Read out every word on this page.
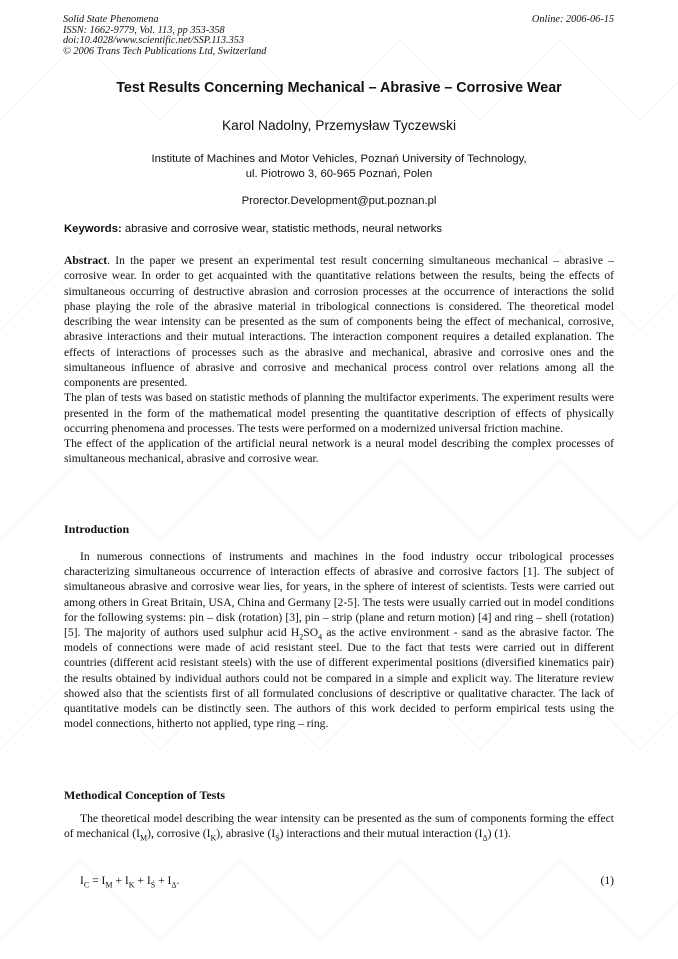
Solid State Phenomena
ISSN: 1662-9779, Vol. 113, pp 353-358
doi:10.4028/www.scientific.net/SSP.113.353
© 2006 Trans Tech Publications Ltd, Switzerland
Online: 2006-06-15
Test Results Concerning Mechanical – Abrasive – Corrosive Wear
Karol Nadolny, Przemysław Tyczewski
Institute of Machines and Motor Vehicles, Poznań University of Technology,
ul. Piotrowo 3, 60-965 Poznań, Polen
Prorector.Development@put.poznan.pl
Keywords: abrasive and corrosive wear, statistic methods, neural networks

Abstract. In the paper we present an experimental test result concerning simultaneous mechanical – abrasive – corrosive wear. In order to get acquainted with the quantitative relations between the results, being the effects of simultaneous occurring of destructive abrasion and corrosion processes at the occurrence of interactions the solid phase playing the role of the abrasive material in tribological connections is considered. The theoretical model describing the wear intensity can be presented as the sum of components being the effect of mechanical, corrosive, abrasive interactions and their mutual interactions. The interaction component requires a detailed explanation. The effects of interactions of processes such as the abrasive and mechanical, abrasive and corrosive ones and the simultaneous influence of abrasive and corrosive and mechanical process control over relations among all the components are presented.

The plan of tests was based on statistic methods of planning the multifactor experiments. The experiment results were presented in the form of the mathematical model presenting the quantitative description of effects of physically occurring phenomena and processes. The tests were performed on a modernized universal friction machine.

The effect of the application of the artificial neural network is a neural model describing the complex processes of simultaneous mechanical, abrasive and corrosive wear.

Introduction

In numerous connections of instruments and machines in the food industry occur tribological processes characterizing simultaneous occurrence of interaction effects of abrasive and corrosive factors [1]. The subject of simultaneous abrasive and corrosive wear lies, for years, in the sphere of interest of scientists. Tests were carried out among others in Great Britain, USA, China and Germany [2-5]. The tests were usually carried out in model conditions for the following systems: pin – disk (rotation) [3], pin – strip (plane and return motion) [4] and ring – shell (rotation) [5]. The majority of authors used sulphur acid $H_2SO_4$ as the active environment - sand as the abrasive factor. The models of connections were made of acid resistant steel. Due to the fact that tests were carried out in different countries (different acid resistant steels) with the use of different experimental positions (diversified kinematics pair) the results obtained by individual authors could not be compared in a simple and explicit way. The literature review showed also that the scientists first of all formulated conclusions of descriptive or qualitative character. The lack of quantitative models can be distinctly seen. The authors of this work decided to perform empirical tests using the model connections, hitherto not applied, type ring – ring.

Methodical Conception of Tests

The theoretical model describing the wear intensity can be presented as the sum of components forming the effect of mechanical $(I_M)$, corrosive $(I_K)$, abrasive $(I_Ś)$ interactions and their mutual interaction $(I_\Delta)$ (1).

$I_C = I_M + I_K + I_Ś + I_\Delta$.	(1)
